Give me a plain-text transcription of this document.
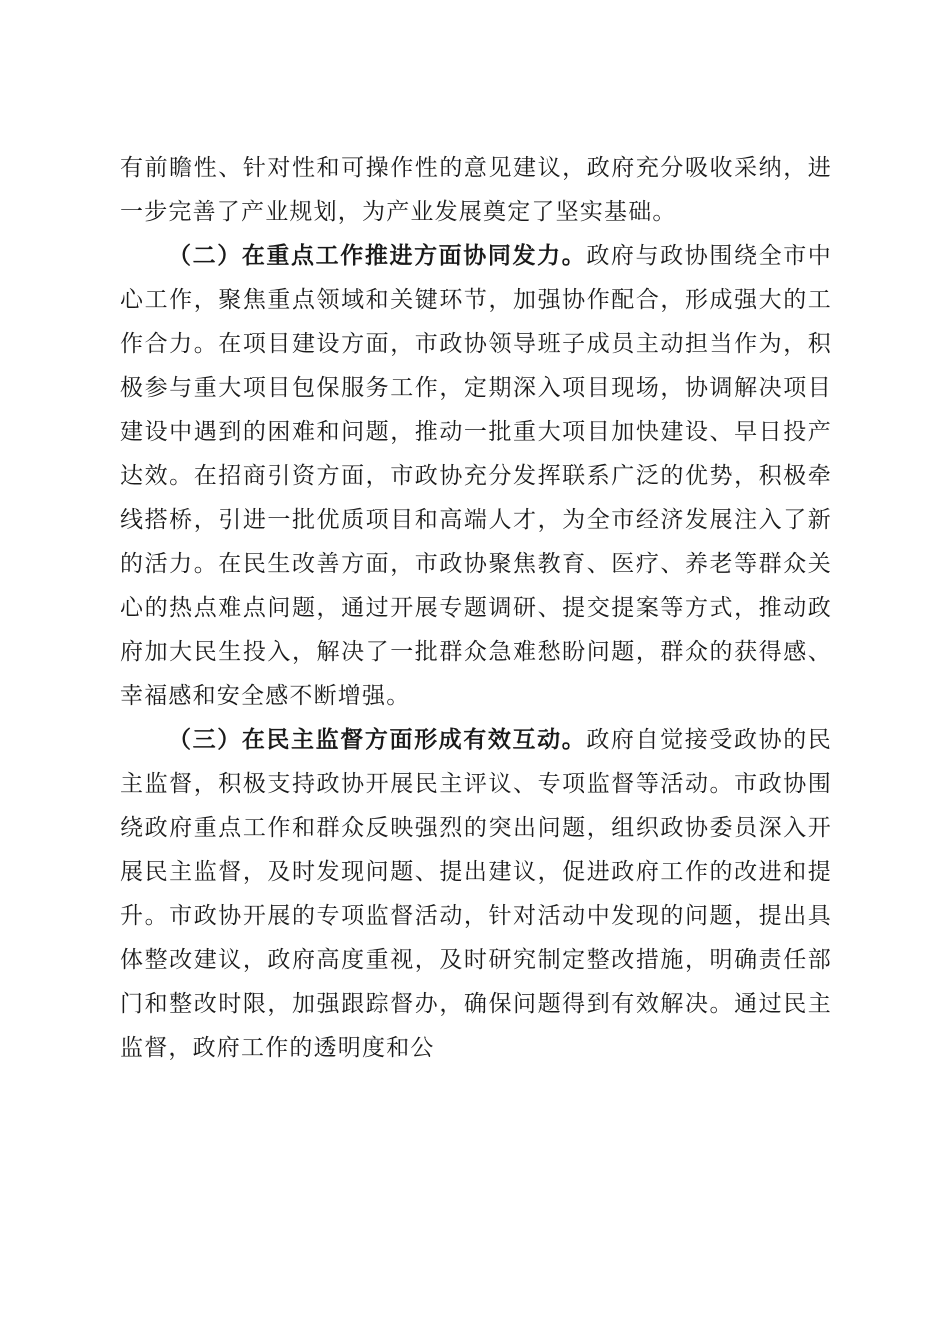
有前瞻性、针对性和可操作性的意见建议，政府充分吸收采纳，进一步完善了产业规划，为产业发展奠定了坚实基础。

（二）在重点工作推进方面协同发力。政府与政协围绕全市中心工作，聚焦重点领域和关键环节，加强协作配合，形成强大的工作合力。在项目建设方面，市政协领导班子成员主动担当作为，积极参与重大项目包保服务工作，定期深入项目现场，协调解决项目建设中遇到的困难和问题，推动一批重大项目加快建设、早日投产达效。在招商引资方面，市政协充分发挥联系广泛的优势，积极牵线搭桥，引进一批优质项目和高端人才，为全市经济发展注入了新的活力。在民生改善方面，市政协聚焦教育、医疗、养老等群众关心的热点难点问题，通过开展专题调研、提交提案等方式，推动政府加大民生投入，解决了一批群众急难愁盼问题，群众的获得感、幸福感和安全感不断增强。

（三）在民主监督方面形成有效互动。政府自觉接受政协的民主监督，积极支持政协开展民主评议、专项监督等活动。市政协围绕政府重点工作和群众反映强烈的突出问题，组织政协委员深入开展民主监督，及时发现问题、提出建议，促进政府工作的改进和提升。市政协开展的专项监督活动，针对活动中发现的问题，提出具体整改建议，政府高度重视，及时研究制定整改措施，明确责任部门和整改时限，加强跟踪督办，确保问题得到有效解决。通过民主监督，政府工作的透明度和公
